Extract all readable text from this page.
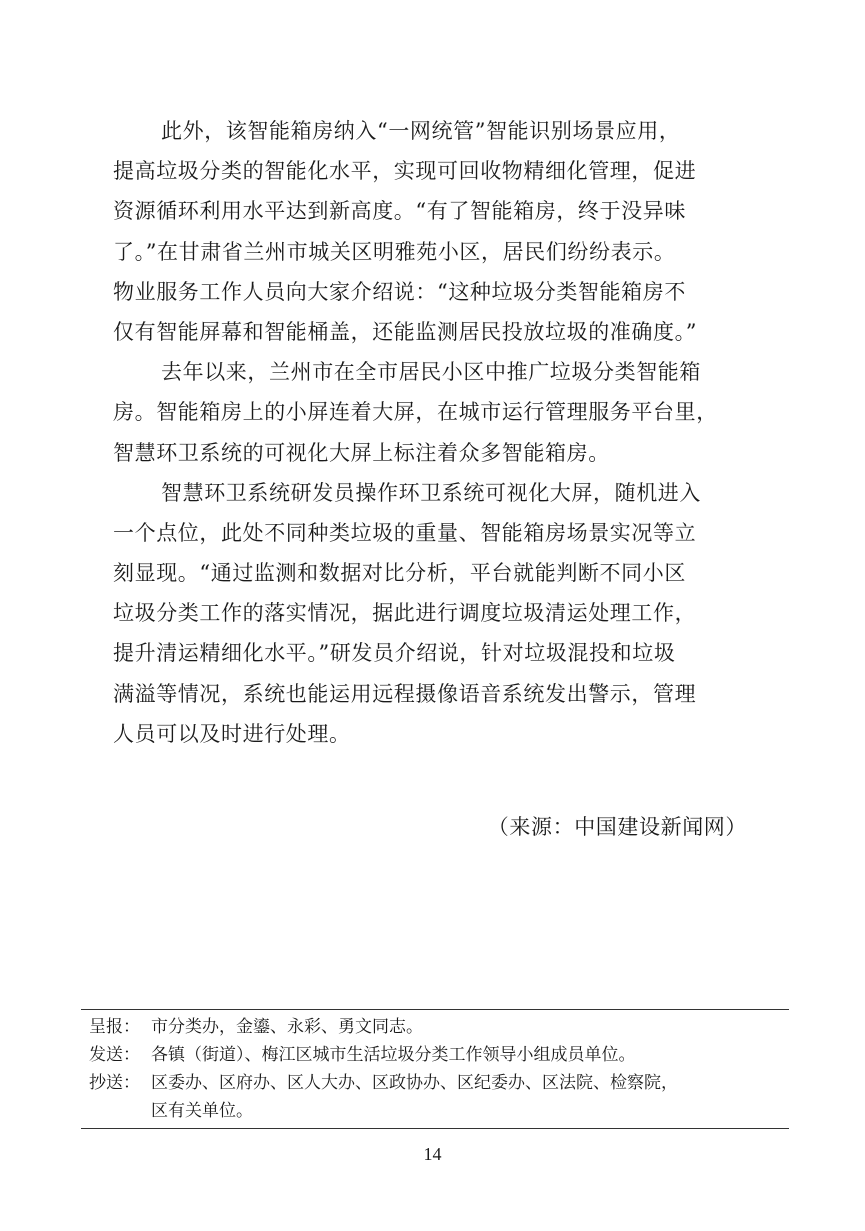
此外，该智能箱房纳入“一网统管”智能识别场景应用，
提高垃圾分类的智能化水平，实现可回收物精细化管理，促进
资源循环利用水平达到新高度。“有了智能箱房，终于没异味
了。”在甘肃省兰州市城关区明雅苑小区，居民们纷纷表示。
物业服务工作人员向大家介绍说：“这种垃圾分类智能箱房不
仅有智能屏幕和智能桶盖，还能监测居民投放垃圾的准确度。”
去年以来，兰州市在全市居民小区中推广垃圾分类智能箱
房。智能箱房上的小屏连着大屏，在城市运行管理服务平台里，
智慧环卫系统的可视化大屏上标注着众多智能箱房。
智慧环卫系统研发员操作环卫系统可视化大屏，随机进入
一个点位，此处不同种类垃圾的重量、智能箱房场景实况等立
刻显现。“通过监测和数据对比分析，平台就能判断不同小区
垃圾分类工作的落实情况，据此进行调度垃圾清运处理工作，
提升清运精细化水平。”研发员介绍说，针对垃圾混投和垃圾
满溢等情况，系统也能运用远程摄像语音系统发出警示，管理
人员可以及时进行处理。
（来源：中国建设新闻网）
呈报： 市分类办，金鎏、永彩、勇文同志。
发送： 各镇（街道）、梅江区城市生活垃圾分类工作领导小组成员单位。
抄送： 区委办、区府办、区人大办、区政协办、区纪委办、区法院、检察院，
区有关单位。
14
